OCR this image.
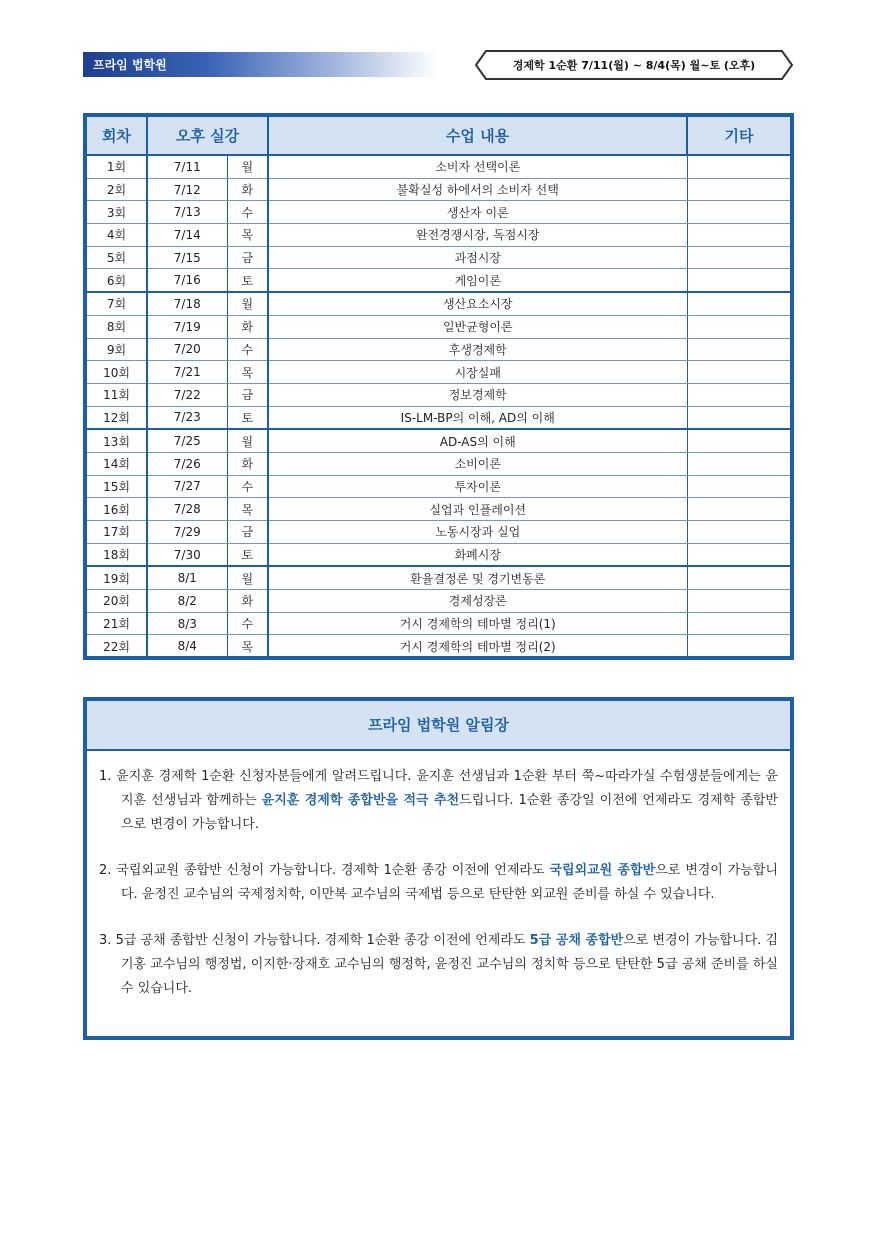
프라임 법학원	경제학 1순환 7/11(월) ~ 8/4(목) 월~토 (오후)
회차	오후 실강		수업 내용	기타
1회	7/11	월	소비자 선택이론	
2회	7/12	화	불확실성 하에서의 소비자 선택	
3회	7/13	수	생산자 이론	
4회	7/14	목	완전경쟁시장, 독점시장	
5회	7/15	금	과점시장	
6회	7/16	토	게임이론	
7회	7/18	월	생산요소시장	
8회	7/19	화	일반균형이론	
9회	7/20	수	후생경제학	
10회	7/21	목	시장실패	
11회	7/22	금	정보경제학	
12회	7/23	토	IS-LM-BP의 이해, AD의 이해	
13회	7/25	월	AD-AS의 이해	
14회	7/26	화	소비이론	
15회	7/27	수	투자이론	
16회	7/28	목	실업과 인플레이션	
17회	7/29	금	노동시장과 실업	
18회	7/30	토	화폐시장	
19회	8/1	월	환율결정론 및 경기변동론	
20회	8/2	화	경제성장론	
21회	8/3	수	거시 경제학의 테마별 정리(1)	
22회	8/4	목	거시 경제학의 테마별 정리(2)	
프라임 법학원 알림장
1. 윤지훈 경제학 1순환 신청자분들에게 알려드립니다. 윤지훈 선생님과 1순환 부터 쭉~따라가실 수험생분들에게는 윤지훈 선생님과 함께하는 윤지훈 경제학 종합반을 적극 추천드립니다. 1순환 종강일 이전에 언제라도 경제학 종합반으로 변경이 가능합니다.
2. 국립외교원 종합반 신청이 가능합니다. 경제학 1순환 종강 이전에 언제라도 국립외교원 종합반으로 변경이 가능합니다. 윤정진 교수님의 국제정치학, 이만복 교수님의 국제법 등으로 탄탄한 외교원 준비를 하실 수 있습니다.
3. 5급 공채 종합반 신청이 가능합니다. 경제학 1순환 종강 이전에 언제라도 5급 공채 종합반으로 변경이 가능합니다. 김기홍 교수님의 행정법, 이지한·장재호 교수님의 행정학, 윤정진 교수님의 정치학 등으로 탄탄한 5급 공채 준비를 하실 수 있습니다.
